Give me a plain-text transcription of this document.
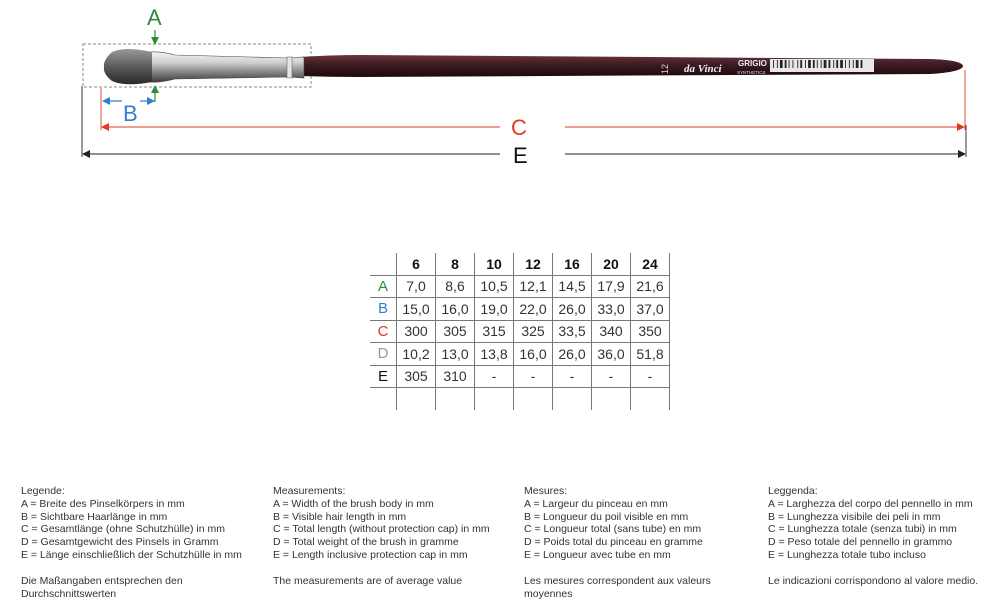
12 da Vinci GRIGIO
SYNTHETICS
A
B
C
E
	6	8	10	12	16	20	24
A	7,0	8,6	10,5	12,1	14,5	17,9	21,6
B	15,0	16,0	19,0	22,0	26,0	33,0	37,0
C	300	305	315	325	33,5	340	350
D	10,2	13,0	13,8	16,0	26,0	36,0	51,8
E	305	310	-	-	-	-	-

Legende:
A = Breite des Pinselkörpers in mm
B = Sichtbare Haarlänge in mm
C = Gesamtlänge (ohne Schutzhülle) in mm
D = Gesamtgewicht des Pinsels in Gramm
E = Länge einschließlich der Schutzhülle in mm
Die Maßangaben entsprechen den
Durchschnittswerten
Measurements:
A = Width of the brush body in mm
B = Visible hair length in mm
C = Total length (without protection cap) in mm
D = Total weight of the brush in gramme
E = Length inclusive protection cap in mm
The measurements are of average value
Mesures:
A = Largeur du pinceau en mm
B = Longueur du poil visible en mm
C = Longueur total (sans tube) en mm
D = Poids total du pinceau en gramme
E = Longueur avec tube en mm
Les mesures correspondent aux valeurs
moyennes
Leggenda:
A = Larghezza del corpo del pennello in mm
B = Lunghezza visibile dei peli in mm
C = Lunghezza totale (senza tubi) in mm
D = Peso totale del pennello in grammo
E = Lunghezza totale tubo incluso
Le indicazioni corrispondono al valore medio.
